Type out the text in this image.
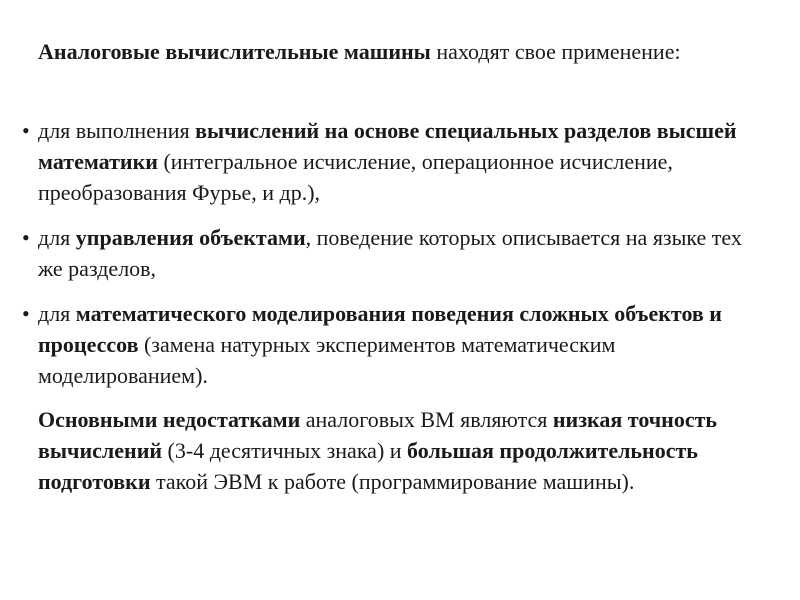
Аналоговые вычислительные машины находят свое применение:

• для выполнения вычислений на основе специальных разделов высшей математики (интегральное исчисление, операционное исчисление, преобразования Фурье, и др.),
• для управления объектами, поведение которых описывается на языке тех же разделов,
• для математического моделирования поведения сложных объектов и процессов (замена натурных экспериментов математическим моделированием).

Основными недостатками аналоговых ВМ являются низкая точность вычислений (3-4 десятичных знака) и большая продолжительность подготовки такой ЭВМ к работе (программирование машины).
